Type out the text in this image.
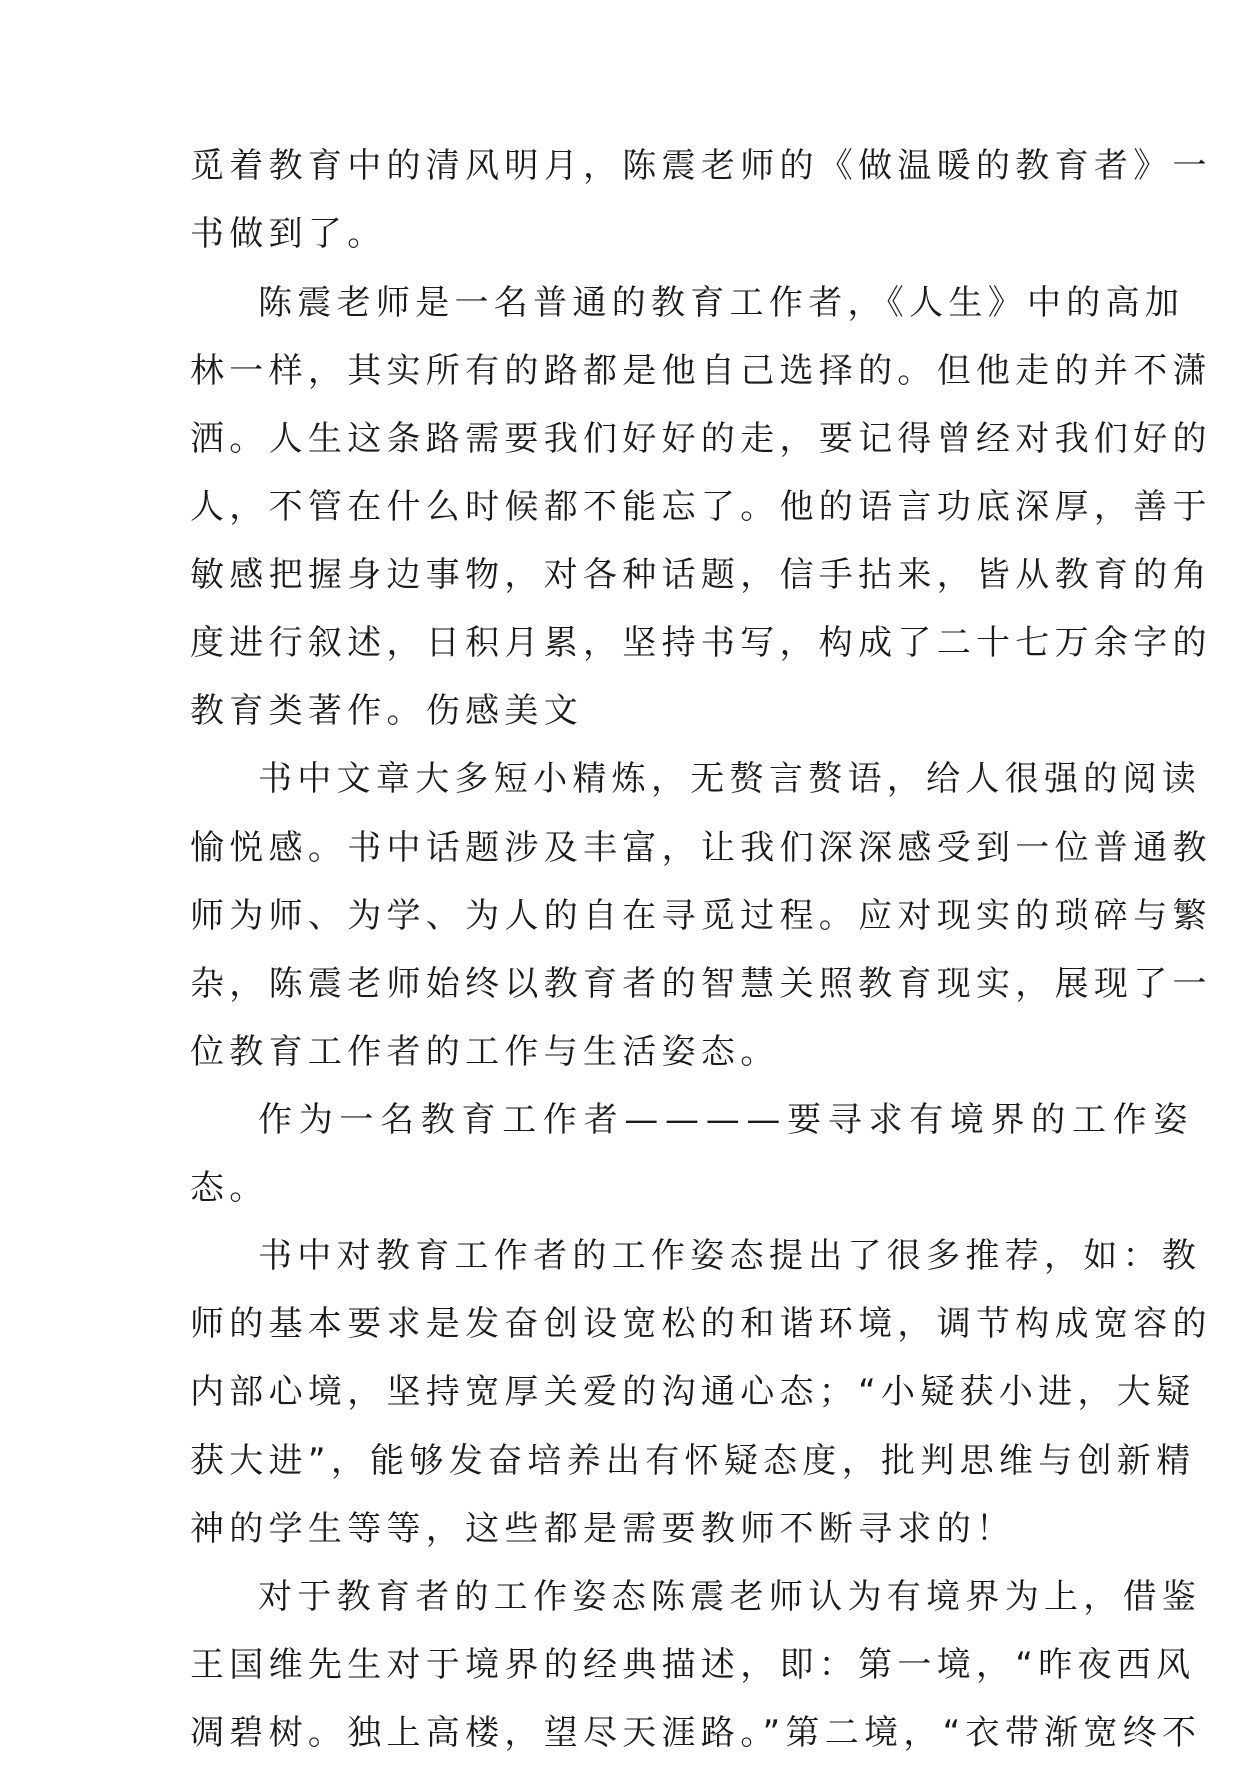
觅着教育中的清风明月，陈震老师的《做温暖的教育者》一
书做到了。
陈震老师是一名普通的教育工作者，《人生》中的高加
林一样，其实所有的路都是他自己选择的。但他走的并不潇
洒。人生这条路需要我们好好的走，要记得曾经对我们好的
人，不管在什么时候都不能忘了。他的语言功底深厚，善于
敏感把握身边事物，对各种话题，信手拈来，皆从教育的角
度进行叙述，日积月累，坚持书写，构成了二十七万余字的
教育类著作。伤感美文
书中文章大多短小精炼，无赘言赘语，给人很强的阅读
愉悦感。书中话题涉及丰富，让我们深深感受到一位普通教
师为师、为学、为人的自在寻觅过程。应对现实的琐碎与繁
杂，陈震老师始终以教育者的智慧关照教育现实，展现了一
位教育工作者的工作与生活姿态。
作为一名教育工作者————要寻求有境界的工作姿
态。
书中对教育工作者的工作姿态提出了很多推荐，如：教
师的基本要求是发奋创设宽松的和谐环境，调节构成宽容的
内部心境，坚持宽厚关爱的沟通心态；“小疑获小进，大疑
获大进”，能够发奋培养出有怀疑态度，批判思维与创新精
神的学生等等，这些都是需要教师不断寻求的！
对于教育者的工作姿态陈震老师认为有境界为上，借鉴
王国维先生对于境界的经典描述，即：第一境，“昨夜西风
凋碧树。独上高楼，望尽天涯路。”第二境，“衣带渐宽终不
